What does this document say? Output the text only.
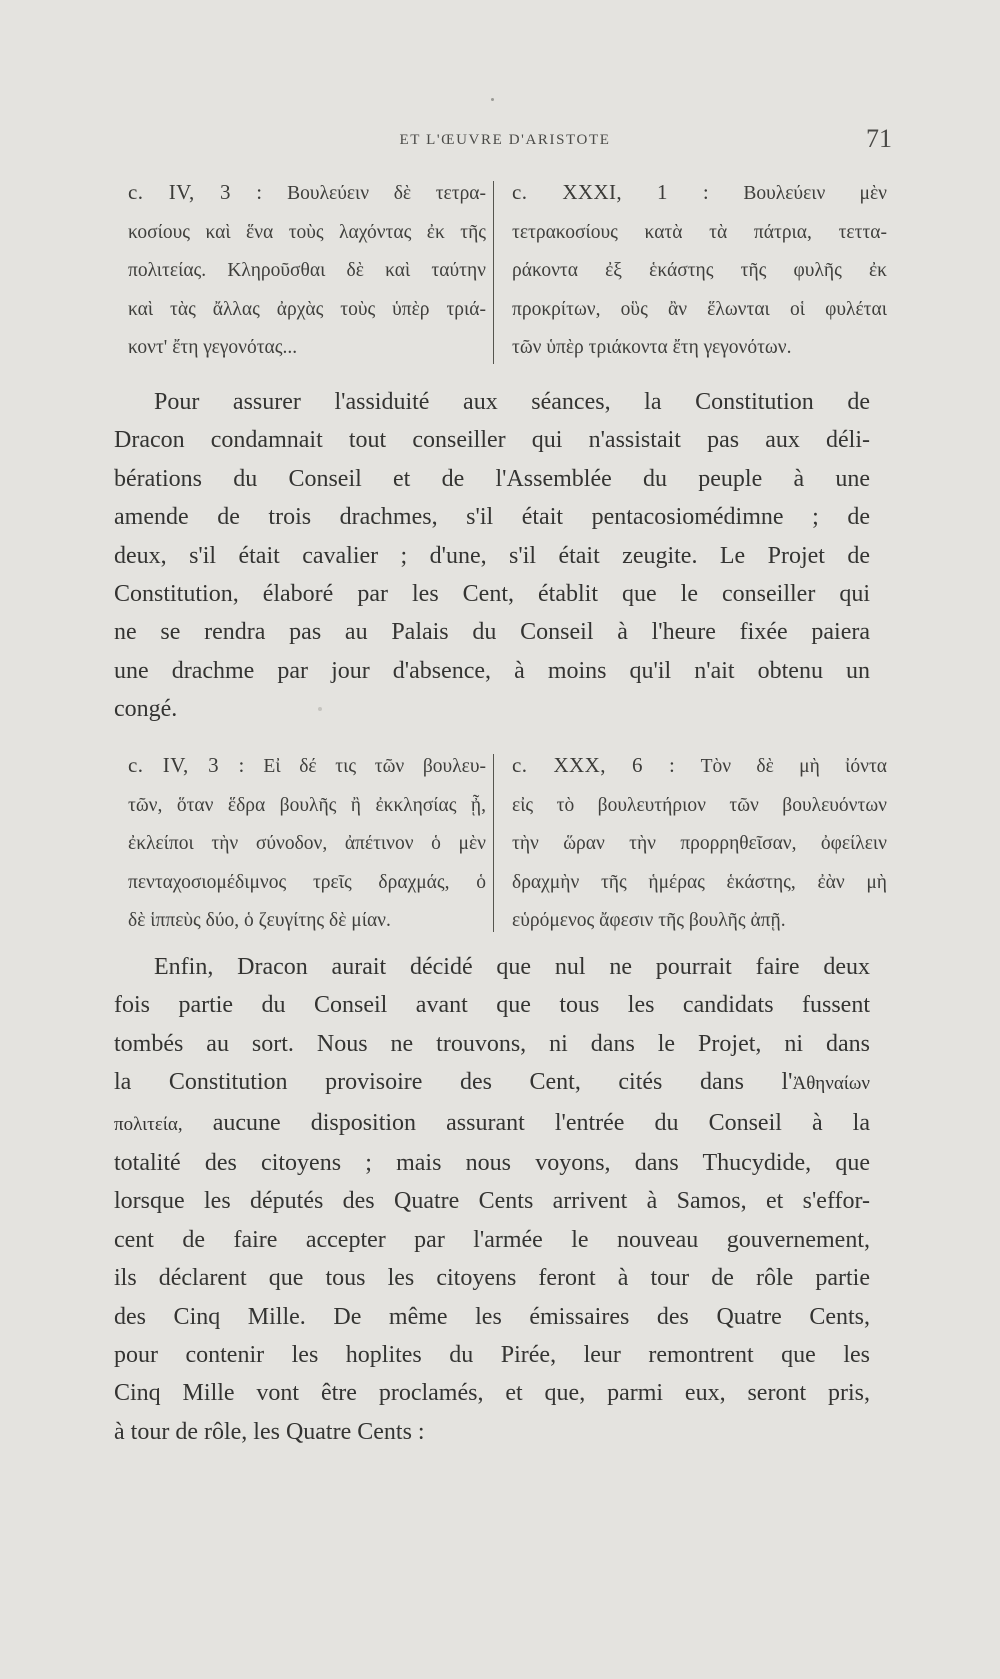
ET L'ŒUVRE D'ARISTOTE	71
c. IV, 3 : Βουλεύειν δὲ τετρα-
κοσίους καὶ ἕνα τοὺς λαχόντας ἐκ τῆς
πολιτείας. Κληροῦσθαι δὲ καὶ ταύτην
καὶ τὰς ἄλλας ἀρχὰς τοὺς ὑπὲρ τριά-
κοντ' ἔτη γεγονότας...
c. XXXI, 1 : Βουλεύειν μὲν
τετρακοσίους κατὰ τὰ πάτρια, τεττα-
ράκοντα ἐξ ἑκάστης τῆς φυλῆς ἐκ
προκρίτων, οὓς ἂν ἕλωνται οἱ φυλέται
τῶν ὑπὲρ τριάκοντα ἔτη γεγονότων.
Pour assurer l'assiduité aux séances, la Constitution de
Dracon condamnait tout conseiller qui n'assistait pas aux déli-
bérations du Conseil et de l'Assemblée du peuple à une
amende de trois drachmes, s'il était pentacosiomédimne ; de
deux, s'il était cavalier ; d'une, s'il était zeugite. Le Projet de
Constitution, élaboré par les Cent, établit que le conseiller qui
ne se rendra pas au Palais du Conseil à l'heure fixée paiera
une drachme par jour d'absence, à moins qu'il n'ait obtenu un
congé.
c. IV, 3 : Εἰ δέ τις τῶν βουλευ-
τῶν, ὅταν ἕδρα βουλῆς ἢ ἐκκλησίας ᾖ,
ἐκλείποι τὴν σύνοδον, ἀπέτινον ὁ μὲν
πενταχοσιομέδιμνος τρεῖς δραχμάς, ὁ
δὲ ἱππεὺς δύο, ὁ ζευγίτης δὲ μίαν.
c. XXX, 6 : Τὸν δὲ μὴ ἰόντα
εἰς τὸ βουλευτήριον τῶν βουλευόντων
τὴν ὥραν τὴν προρρηθεῖσαν, ὀφείλειν
δραχμὴν τῆς ἡμέρας ἑκάστης, ἐὰν μὴ
εὑρόμενος ἄφεσιν τῆς βουλῆς ἀπῇ.
Enfin, Dracon aurait décidé que nul ne pourrait faire deux
fois partie du Conseil avant que tous les candidats fussent
tombés au sort. Nous ne trouvons, ni dans le Projet, ni dans
la Constitution provisoire des Cent, cités dans l'Ἀθηναίων
πολιτεία, aucune disposition assurant l'entrée du Conseil à la
totalité des citoyens ; mais nous voyons, dans Thucydide, que
lorsque les députés des Quatre Cents arrivent à Samos, et s'effor-
cent de faire accepter par l'armée le nouveau gouvernement,
ils déclarent que tous les citoyens feront à tour de rôle partie
des Cinq Mille. De même les émissaires des Quatre Cents,
pour contenir les hoplites du Pirée, leur remontrent que les
Cinq Mille vont être proclamés, et que, parmi eux, seront pris,
à tour de rôle, les Quatre Cents :
